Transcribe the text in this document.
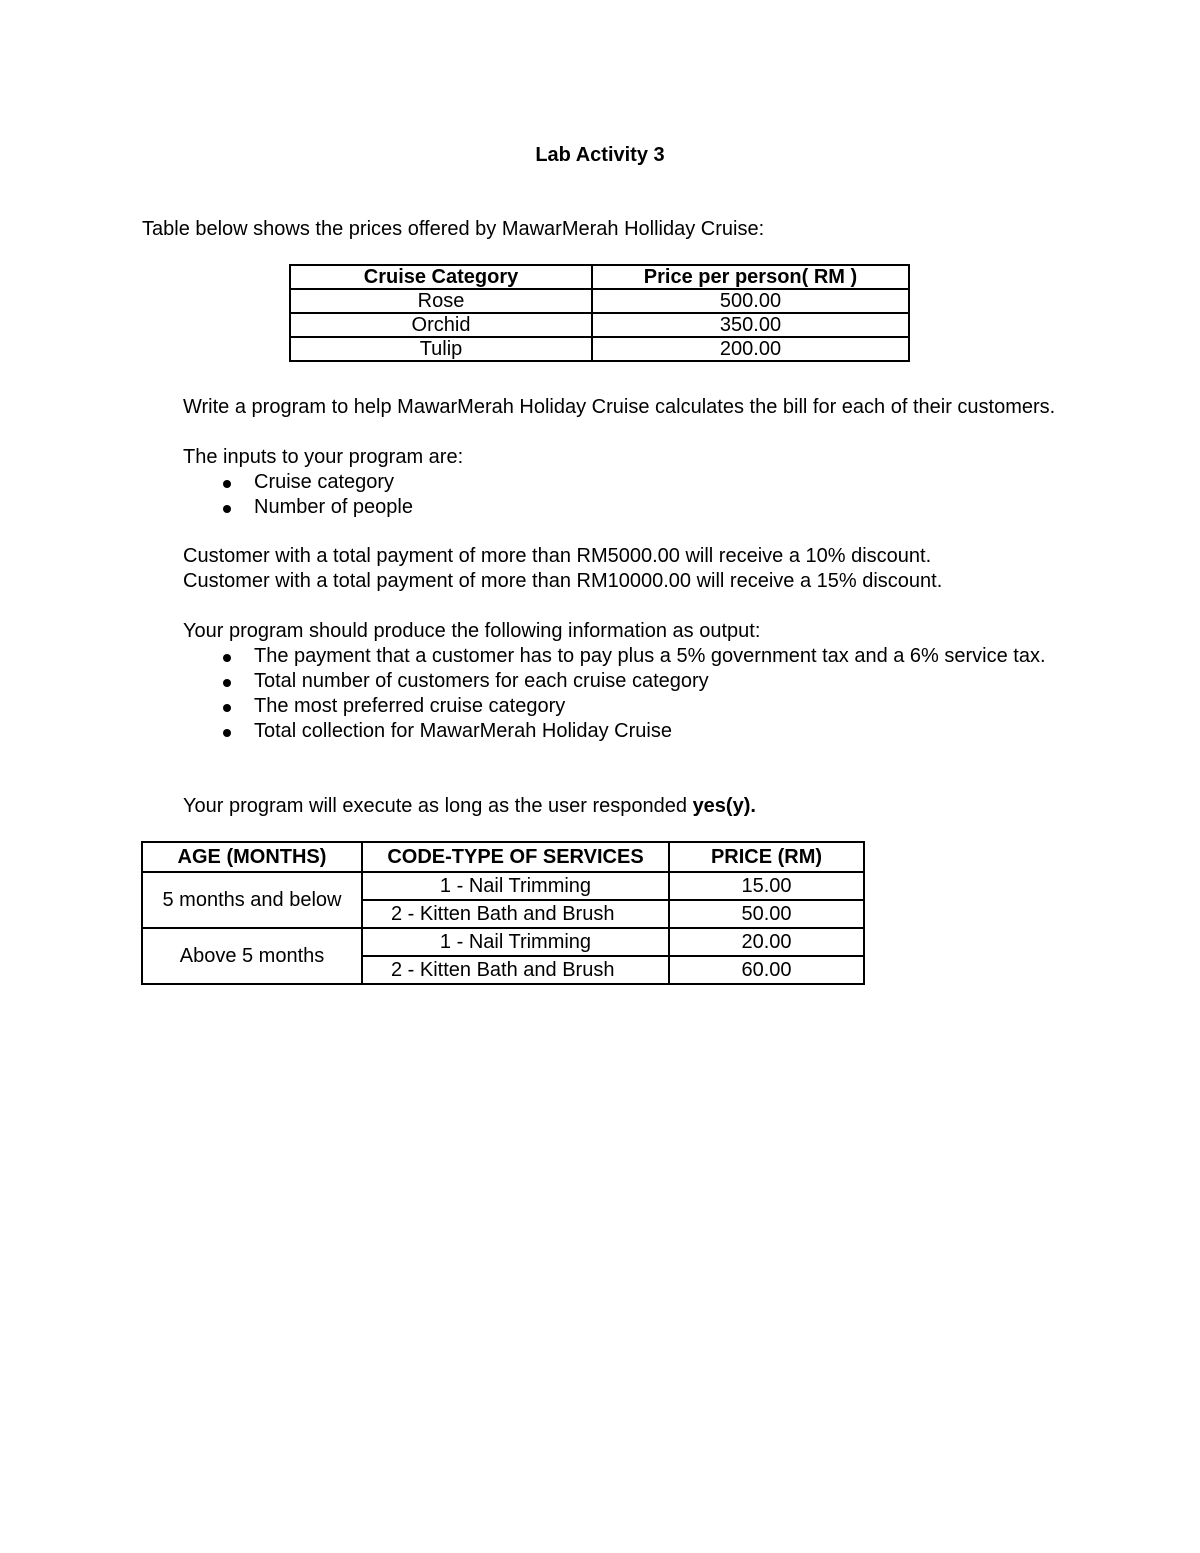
Lab Activity 3
Table below shows the prices offered by MawarMerah Holliday Cruise:
Cruise Category	Price per person( RM )
Rose	500.00
Orchid	350.00
Tulip	200.00
Write a program to help MawarMerah Holiday Cruise calculates the bill for each of their customers.
The inputs to your program are:
Cruise category
Number of people
Customer with a total payment of more than RM5000.00 will receive a 10% discount.
Customer with a total payment of more than RM10000.00 will receive a 15% discount.
Your program should produce the following information as output:
The payment that a customer has to pay plus a 5% government tax and a 6% service tax.
Total number of customers for each cruise category
The most preferred cruise category
Total collection for MawarMerah Holiday Cruise
Your program will execute as long as the user responded yes(y).
AGE (MONTHS)	CODE-TYPE OF SERVICES	PRICE (RM)
5 months and below	1 - Nail Trimming	15.00
	2 - Kitten Bath and Brush	50.00
Above 5 months	1 - Nail Trimming	20.00
	2 - Kitten Bath and Brush	60.00
